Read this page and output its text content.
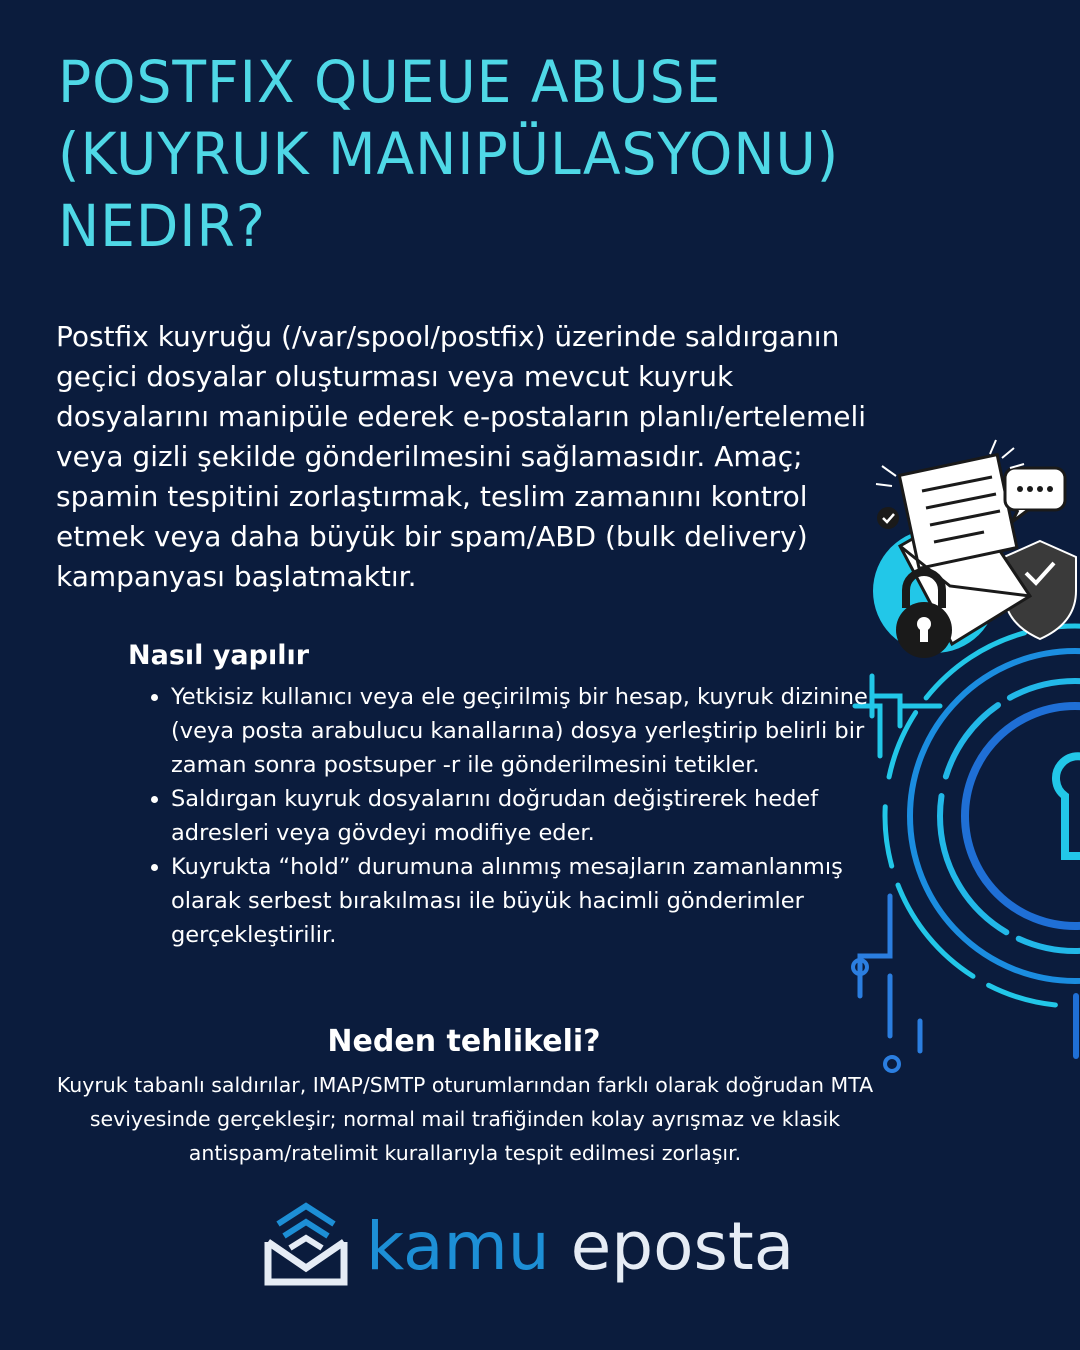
POSTFIX QUEUE ABUSE
(KUYRUK MANIPÜLASYONU)
NEDIR?

Postfix kuyruğu (/var/spool/postfix) üzerinde saldırganın geçici dosyalar oluşturması veya mevcut kuyruk dosyalarını manipüle ederek e-postaların planlı/ertelemeli veya gizli şekilde gönderilmesini sağlamasıdır. Amaç; spamin tespitini zorlaştırmak, teslim zamanını kontrol etmek veya daha büyük bir spam/ABD (bulk delivery) kampanyası başlatmaktır.

Nasıl yapılır
• Yetkisiz kullanıcı veya ele geçirilmiş bir hesap, kuyruk dizinine (veya posta arabulucu kanallarına) dosya yerleştirip belirli bir zaman sonra postsuper -r ile gönderilmesini tetikler.
• Saldırgan kuyruk dosyalarını doğrudan değiştirerek hedef adresleri veya gövdeyi modifiye eder.
• Kuyrukta “hold” durumuna alınmış mesajların zamanlanmış olarak serbest bırakılması ile büyük hacimli gönderimler gerçekleştirilir.
Neden tehlikeli?

Kuyruk tabanlı saldırılar, IMAP/SMTP oturumlarından farklı olarak doğrudan MTA seviyesinde gerçekleşir; normal mail trafiğinden kolay ayrışmaz ve klasik antispam/ratelimit kurallarıyla tespit edilmesi zorlaşır.

kamu eposta
